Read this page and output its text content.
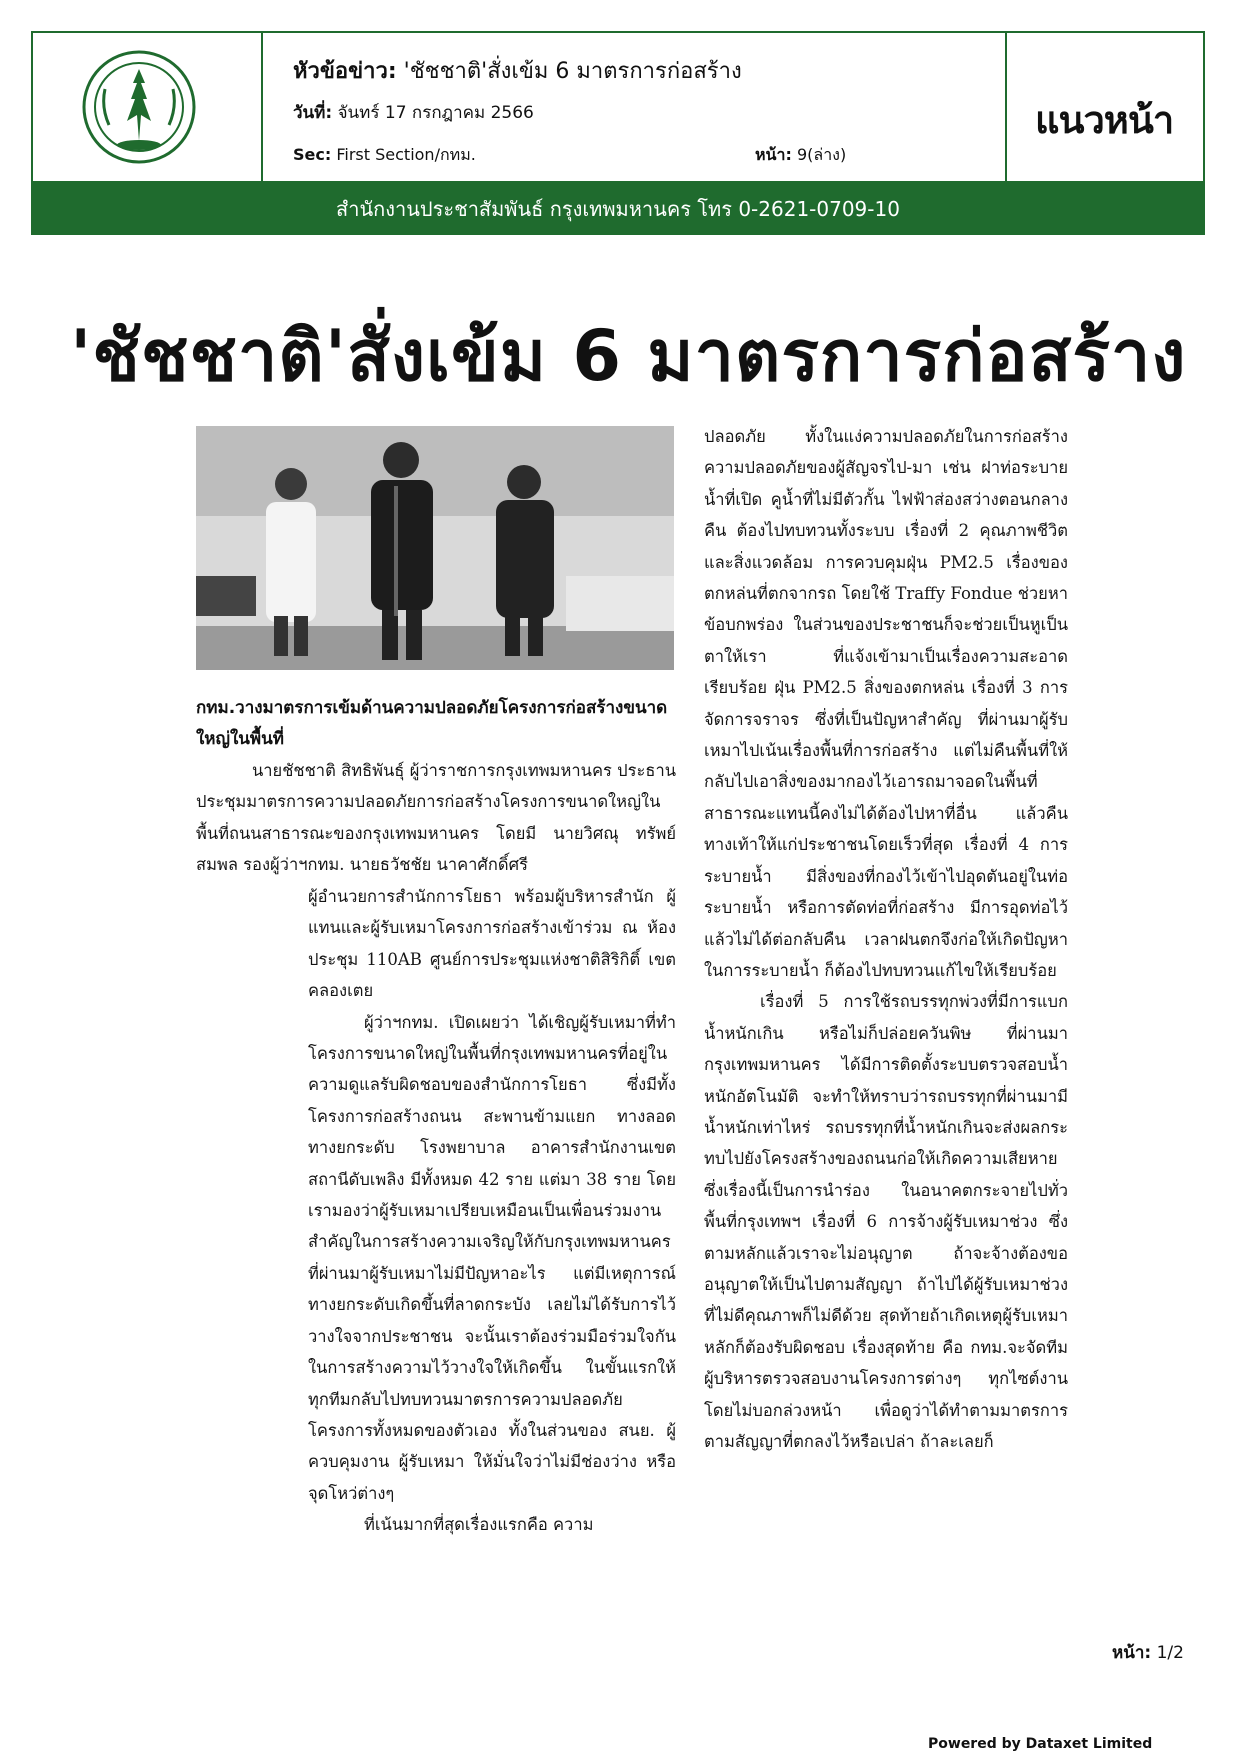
หัวข้อข่าว: 'ชัชชาติ'สั่งเข้ม 6 มาตรการก่อสร้าง
วันที่: จันทร์ 17 กรกฎาคม 2566
Sec: First Section/กทม.	หน้า: 9(ล่าง)
แนวหน้า
สำนักงานประชาสัมพันธ์ กรุงเทพมหานคร โทร 0-2621-0709-10
'ชัชชาติ'สั่งเข้ม 6 มาตรการก่อสร้าง
กทม.วางมาตรการเข้มด้านความปลอดภัยโครงการก่อสร้างขนาดใหญ่ในพื้นที่
นายชัชชาติ สิทธิพันธุ์ ผู้ว่าราชการกรุงเทพมหานคร ประธานประชุมมาตรการความปลอดภัยการก่อสร้างโครงการขนาดใหญ่ในพื้นที่ถนนสาธารณะของกรุงเทพมหานคร โดยมี นายวิศณุ ทรัพย์สมพล รองผู้ว่าฯกทม. นายธวัชชัย นาคาศักดิ์ศรี

ผู้อำนวยการสำนักการโยธา พร้อมผู้บริหารสำนัก ผู้แทนและผู้รับเหมาโครงการก่อสร้างเข้าร่วม ณ ห้องประชุม 110AB ศูนย์การประชุมแห่งชาติสิริกิติ์ เขตคลองเตย

ผู้ว่าฯกทม. เปิดเผยว่า ได้เชิญผู้รับเหมาที่ทำโครงการขนาดใหญ่ในพื้นที่กรุงเทพมหานครที่อยู่ในความดูแลรับผิดชอบของสำนักการโยธา ซึ่งมีทั้งโครงการก่อสร้างถนน สะพานข้ามแยก ทางลอด ทางยกระดับ โรงพยาบาล อาคารสำนักงานเขต สถานีดับเพลิง มีทั้งหมด 42 ราย แต่มา 38 ราย โดยเรามองว่าผู้รับเหมาเปรียบเหมือนเป็นเพื่อนร่วมงานสำคัญในการสร้างความเจริญให้กับกรุงเทพมหานคร ที่ผ่านมาผู้รับเหมาไม่มีปัญหาอะไร แต่มีเหตุการณ์ทางยกระดับเกิดขึ้นที่ลาดกระบัง เลยไม่ได้รับการไว้วางใจจากประชาชน จะนั้นเราต้องร่วมมือร่วมใจกัน ในการสร้างความไว้วางใจให้เกิดขึ้น ในขั้นแรกให้ทุกทีมกลับไปทบทวนมาตรการความปลอดภัยโครงการทั้งหมดของตัวเอง ทั้งในส่วนของ สนย. ผู้ควบคุมงาน ผู้รับเหมา ให้มั่นใจว่าไม่มีช่องว่าง หรือจุดโหว่ต่างๆ

ที่เน้นมากที่สุดเรื่องแรกคือ ความ

ปลอดภัย ทั้งในแง่ความปลอดภัยในการก่อสร้าง ความปลอดภัยของผู้สัญจรไป-มา เช่น ฝาท่อระบายน้ำที่เปิด คูน้ำที่ไม่มีตัวกั้น ไฟฟ้าส่องสว่างตอนกลางคืน ต้องไปทบทวนทั้งระบบ เรื่องที่ 2 คุณภาพชีวิตและสิ่งแวดล้อม การควบคุมฝุ่น PM2.5 เรื่องของตกหล่นที่ตกจากรถ โดยใช้ Traffy Fondue ช่วยหาข้อบกพร่อง ในส่วนของประชาชนก็จะช่วยเป็นหูเป็นตาให้เรา ที่แจ้งเข้ามาเป็นเรื่องความสะอาดเรียบร้อย ฝุ่น PM2.5 สิ่งของตกหล่น เรื่องที่ 3 การจัดการจราจร ซึ่งที่เป็นปัญหาสำคัญ ที่ผ่านมาผู้รับเหมาไปเน้นเรื่องพื้นที่การก่อสร้าง แต่ไม่คืนพื้นที่ให้ กลับไปเอาสิ่งของมากองไว้เอารถมาจอดในพื้นที่สาธารณะแทนนี้คงไม่ได้ต้องไปหาที่อื่น แล้วคืนทางเท้าให้แก่ประชาชนโดยเร็วที่สุด เรื่องที่ 4 การระบายน้ำ มีสิ่งของที่กองไว้เข้าไปอุดตันอยู่ในท่อระบายน้ำ หรือการตัดท่อที่ก่อสร้าง มีการอุดท่อไว้แล้วไม่ได้ต่อกลับคืน เวลาฝนตกจึงก่อให้เกิดปัญหาในการระบายน้ำ ก็ต้องไปทบทวนแก้ไขให้เรียบร้อย

เรื่องที่ 5 การใช้รถบรรทุกพ่วงที่มีการแบกน้ำหนักเกิน หรือไม่ก็ปล่อยควันพิษ ที่ผ่านมากรุงเทพมหานคร ได้มีการติดตั้งระบบตรวจสอบน้ำหนักอัตโนมัติ จะทำให้ทราบว่ารถบรรทุกที่ผ่านมามีน้ำหนักเท่าไหร่ รถบรรทุกที่น้ำหนักเกินจะส่งผลกระทบไปยังโครงสร้างของถนนก่อให้เกิดความเสียหาย ซึ่งเรื่องนี้เป็นการนำร่อง ในอนาคตกระจายไปทั่วพื้นที่กรุงเทพฯ เรื่องที่ 6 การจ้างผู้รับเหมาช่วง ซึ่งตามหลักแล้วเราจะไม่อนุญาต ถ้าจะจ้างต้องขออนุญาตให้เป็นไปตามสัญญา ถ้าไปได้ผู้รับเหมาช่วงที่ไม่ดีคุณภาพก็ไม่ดีด้วย สุดท้ายถ้าเกิดเหตุผู้รับเหมาหลักก็ต้องรับผิดชอบ เรื่องสุดท้าย คือ กทม.จะจัดทีมผู้บริหารตรวจสอบงานโครงการต่างๆ ทุกไซต์งาน โดยไม่บอกล่วงหน้า เพื่อดูว่าได้ทำตามมาตรการตามสัญญาที่ตกลงไว้หรือเปล่า ถ้าละเลยก็

หน้า: 1/2
Powered by Dataxet Limited
